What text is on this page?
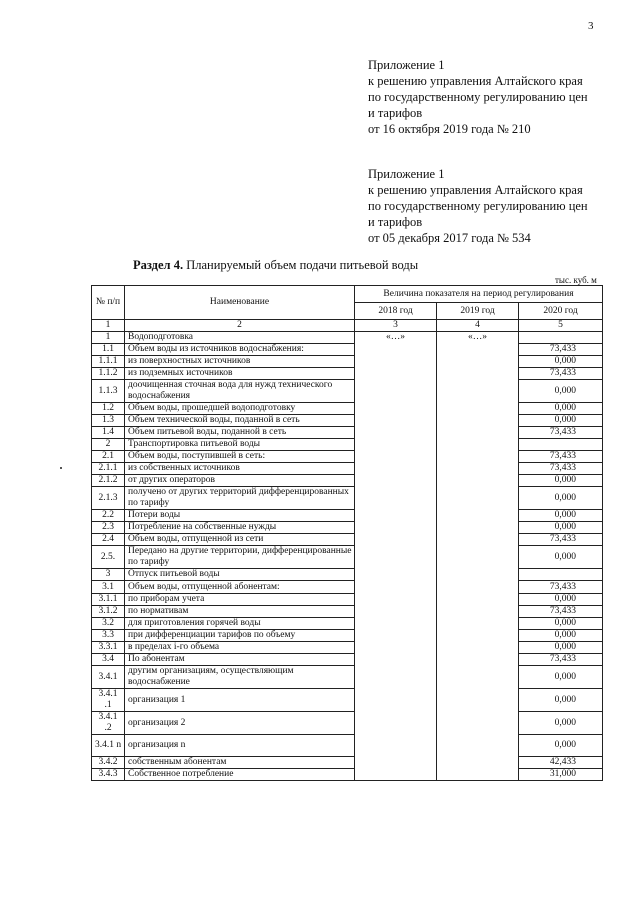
3
Приложение 1
к решению управления Алтайского края
по государственному регулированию цен
и тарифов
от 16 октября 2019 года № 210
Приложение 1
к решению управления Алтайского края
по государственному регулированию цен
и тарифов
от 05 декабря 2017 года № 534
Раздел 4. Планируемый объем подачи питьевой воды
тыс. куб. м
№ п/п	Наименование	Величина показателя на период регулирования		
		2018 год	2019 год	2020 год
1	2	3	4	5
1	Водоподготовка	«…»	«…»	
1.1	Объем воды из источников водоснабжения:			73,433
1.1.1	из поверхностных источников			0,000
1.1.2	из подземных источников			73,433
1.1.3	доочищенная сточная вода для нужд технического водоснабжения			0,000
1.2	Объем воды, прошедшей водоподготовку			0,000
1.3	Объем технической воды, поданной в сеть			0,000
1.4	Объем питьевой воды, поданной в сеть			73,433
2	Транспортировка питьевой воды			
2.1	Объем воды, поступившей в сеть:			73,433
2.1.1	из собственных источников			73,433
2.1.2	от других операторов			0,000
2.1.3	получено от других территорий дифференцированных по тарифу			0,000
2.2	Потери воды			0,000
2.3	Потребление на собственные нужды			0,000
2.4	Объем воды, отпущенной из сети			73,433
2.5.	Передано на другие территории, дифференцированные по тарифу			0,000
3	Отпуск питьевой воды			
3.1	Объем воды, отпущенной абонентам:			73,433
3.1.1	по приборам учета			0,000
3.1.2	по нормативам			73,433
3.2	для приготовления горячей воды			0,000
3.3	при дифференциации тарифов по объему			0,000
3.3.1	в пределах i-го объема			0,000
3.4	По абонентам			73,433
3.4.1	другим организациям, осуществляющим водоснабжение			0,000
3.4.1 .1	организация 1			0,000
3.4.1 .2	организация 2			0,000
3.4.1 n	организация n			0,000
3.4.2	собственным абонентам			42,433
3.4.3	Собственное потребление			31,000
